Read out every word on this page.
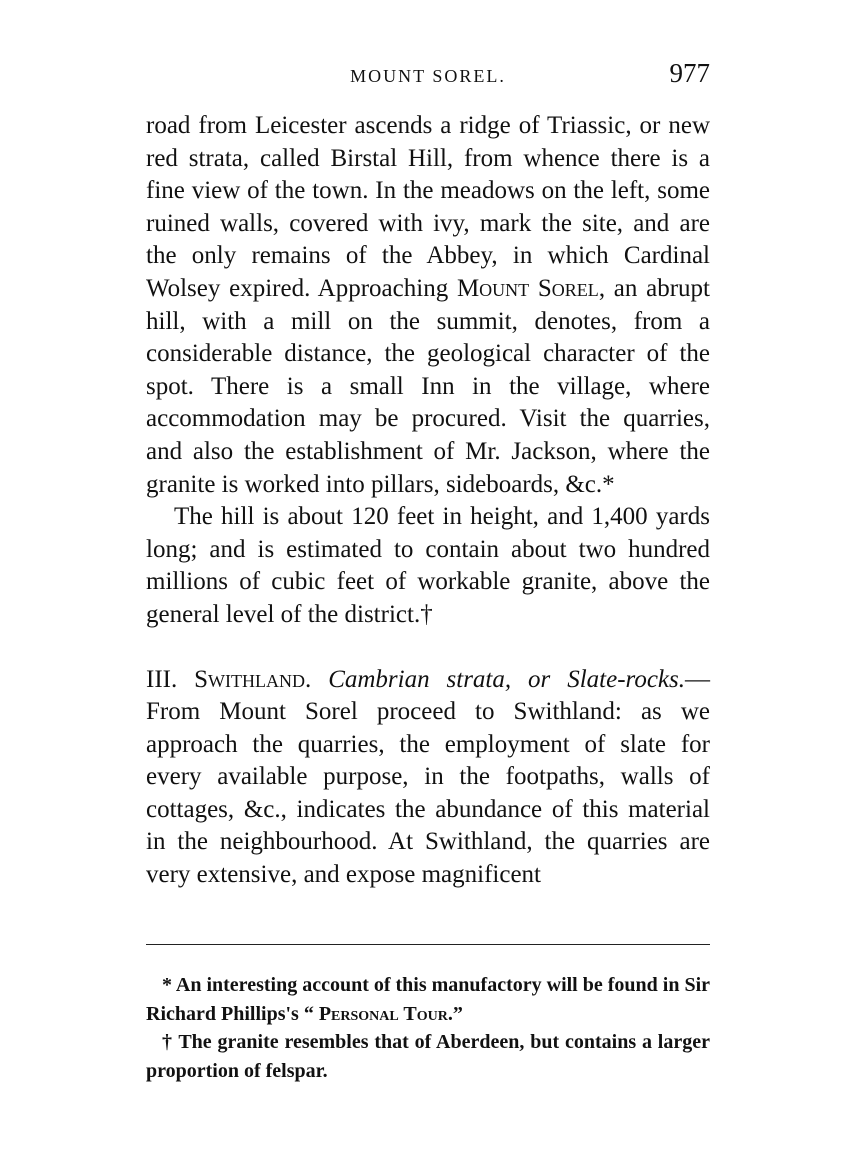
MOUNT SOREL.	977

road from Leicester ascends a ridge of Triassic, or new red strata, called Birstal Hill, from whence there is a fine view of the town. In the meadows on the left, some ruined walls, covered with ivy, mark the site, and are the only remains of the Abbey, in which Cardinal Wolsey expired. Approaching Mount Sorel, an abrupt hill, with a mill on the summit, denotes, from a considerable distance, the geological character of the spot. There is a small Inn in the village, where accommodation may be procured. Visit the quarries, and also the establishment of Mr. Jackson, where the granite is worked into pillars, sideboards, &c.*

The hill is about 120 feet in height, and 1,400 yards long; and is estimated to contain about two hundred millions of cubic feet of workable granite, above the general level of the district.†

III. Swithland. Cambrian strata, or Slate-rocks.—From Mount Sorel proceed to Swithland: as we approach the quarries, the employment of slate for every available purpose, in the footpaths, walls of cottages, &c., indicates the abundance of this material in the neighbourhood. At Swithland, the quarries are very extensive, and expose magnificent

* An interesting account of this manufactory will be found in Sir Richard Phillips's “ Personal Tour.”

† The granite resembles that of Aberdeen, but contains a larger proportion of felspar.
